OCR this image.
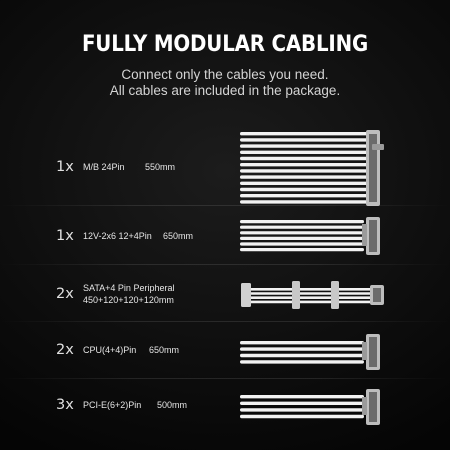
FULLY MODULAR CABLING
Connect only the cables you need.
All cables are included in the package.
1x M/B 24Pin 550mm
1x 12V-2x6 12+4Pin 650mm
2x SATA+4 Pin Peripheral
450+120+120+120mm
2x CPU(4+4)Pin 650mm
3x PCI-E(6+2)Pin 500mm
